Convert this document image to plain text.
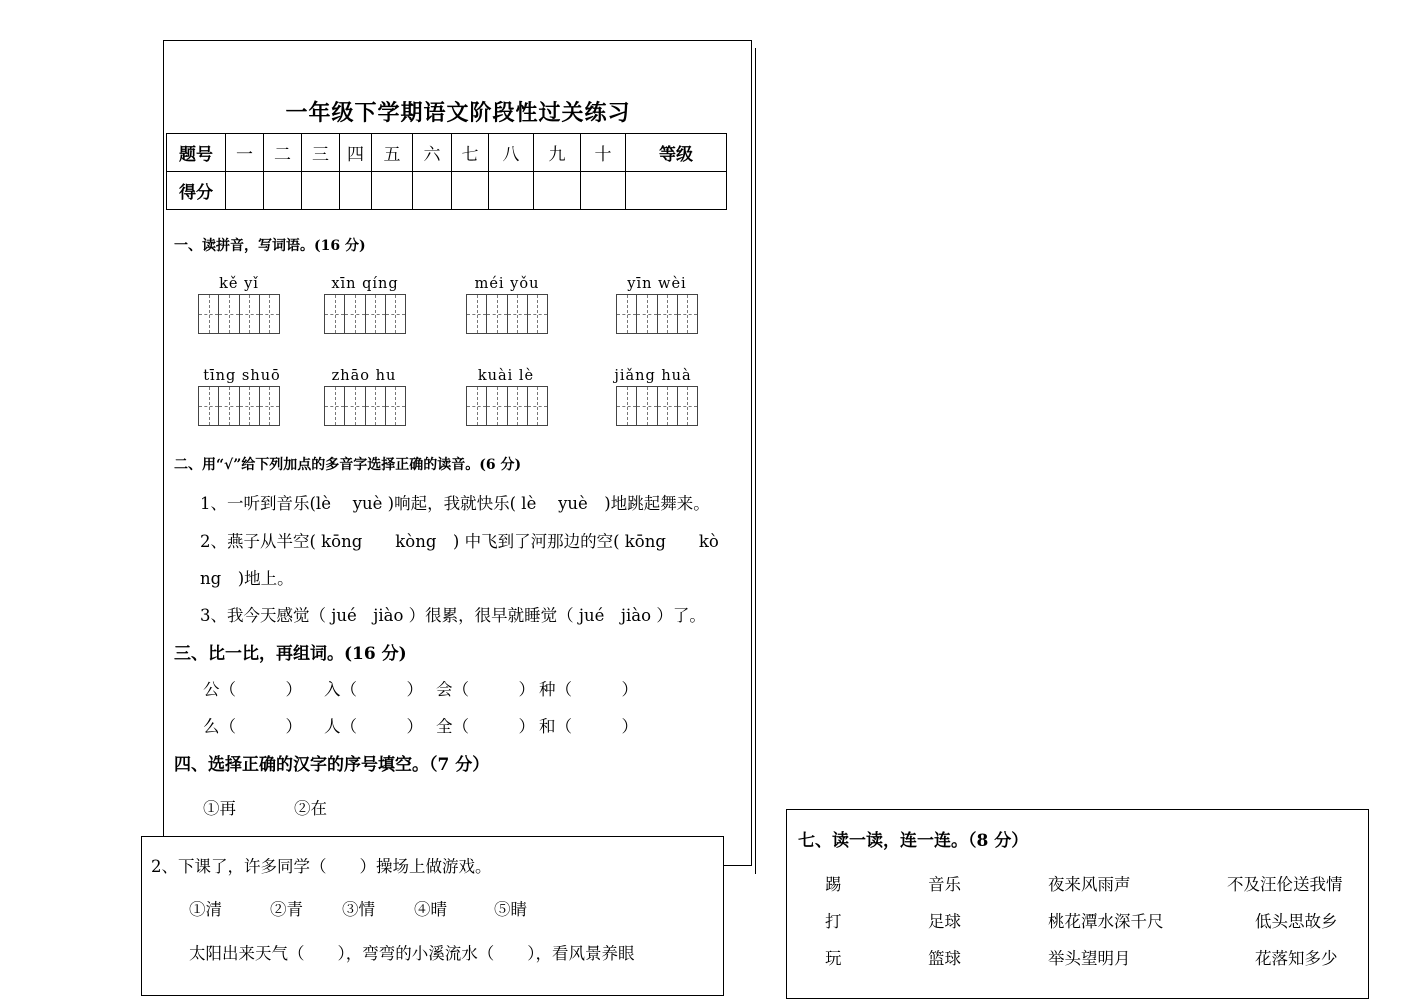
一年级下学期语文阶段性过关练习
题号	一	二	三	四	五	六	七	八	九	十	等级
得分											
一、读拼音，写词语。(16 分)
kě yǐ	xīn qíng	méi yǒu	yīn wèi
tīng shuō	zhāo hu	kuài lè	jiǎng huà
二、用“√”给下列加点的多音字选择正确的读音。(6 分)
1、一听到音乐(lè　 yuè )响起，我就快乐( lè　 yuè　)地跳起舞来。
2、燕子从半空( kōng　　kòng　) 中飞到了河那边的空( kōng　　kò
ng　)地上。
3、我今天感觉（ jué　jiào ）很累，很早就睡觉（ jué　jiào ）了。
三、比一比，再组词。(16 分)
公（　　　） 入（　　　） 会（　　　） 种（　　　）
么（　　　） 人（　　　） 全（　　　） 和（　　　）
四、选择正确的汉字的序号填空。（7 分）
①再	②在
2、下课了，许多同学（　　）操场上做游戏。
①清	②青 ③情 ④晴	⑤睛
太阳出来天气（　　），弯弯的小溪流水（　　），看风景养眼
七、读一读，连一连。（8 分）
踢	音乐	夜来风雨声	不及汪伦送我情
打	足球	桃花潭水深千尺	低头思故乡
玩	篮球	举头望明月	花落知多少
